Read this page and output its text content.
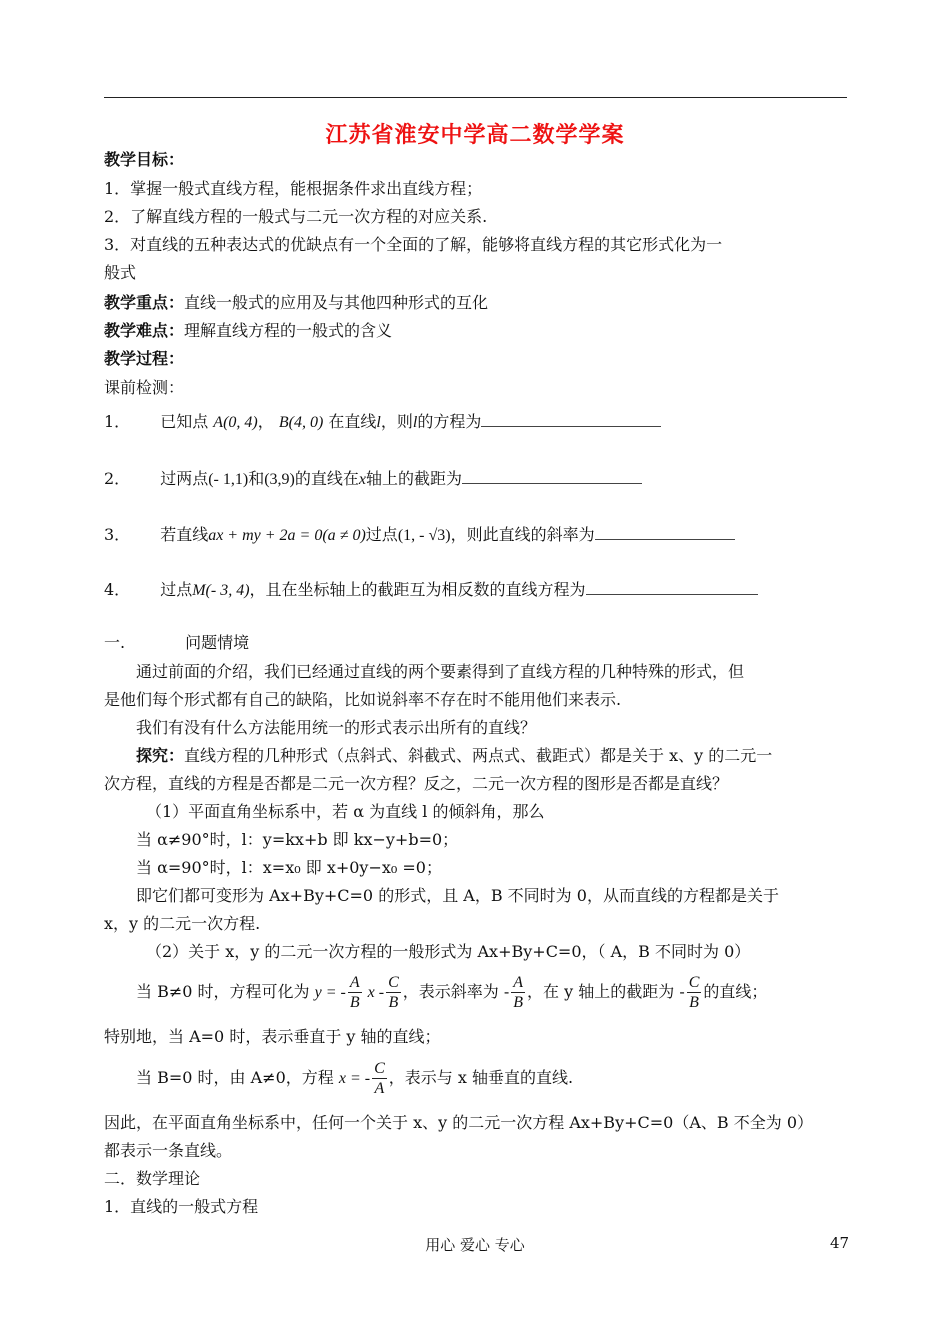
江苏省淮安中学高二数学学案
教学目标：
1．掌握一般式直线方程，能根据条件求出直线方程；
2．了解直线方程的一般式与二元一次方程的对应关系.
3．对直线的五种表达式的优缺点有一个全面的了解，能够将直线方程的其它形式化为一
般式
教学重点：直线一般式的应用及与其他四种形式的互化
教学难点：理解直线方程的一般式的含义
教学过程：
课前检测：
1． 已知点 A(0, 4)， B(4, 0) 在直线l，则l的方程为
2． 过两点(- 1,1)和(3,9)的直线在x轴上的截距为
3． 若直线ax + my + 2a = 0(a ≠ 0)过点(1, - √3)，则此直线的斜率为
4． 过点M(- 3, 4)，且在坐标轴上的截距互为相反数的直线方程为
一.	问题情境
通过前面的介绍，我们已经通过直线的两个要素得到了直线方程的几种特殊的形式，但
是他们每个形式都有自己的缺陷，比如说斜率不存在时不能用他们来表示.
我们有没有什么方法能用统一的形式表示出所有的直线？
探究：直线方程的几种形式（点斜式、斜截式、两点式、截距式）都是关于 x、y 的二元一
次方程，直线的方程是否都是二元一次方程？反之，二元一次方程的图形是否都是直线？
（1）平面直角坐标系中，若 α 为直线 l 的倾斜角，那么
当 α≠90°时，l：y=kx+b 即 kx−y+b=0；
当 α=90°时，l：x=x₀ 即 x+0y−x₀ =0；
即它们都可变形为 Ax+By+C=0 的形式，且 A，B 不同时为 0，从而直线的方程都是关于
x，y 的二元一次方程.
（2）关于 x，y 的二元一次方程的一般形式为 Ax+By+C=0，（ A，B 不同时为 0）
当 B≠0 时，方程可化为 y = - $\frac{A}{B}$ x - $\frac{C}{B}$ ，表示斜率为 - $\frac{A}{B}$ ，在 y 轴上的截距为 - $\frac{C}{B}$ 的直线；
特别地，当 A=0 时，表示垂直于 y 轴的直线；
当 B=0 时，由 A≠0，方程 x = - $\frac{C}{A}$ ，表示与 x 轴垂直的直线.
因此，在平面直角坐标系中，任何一个关于 x、y 的二元一次方程 Ax+By+C=0（A、B 不全为 0）
都表示一条直线。
二．数学理论
1．直线的一般式方程
用心 爱心 专心	47
